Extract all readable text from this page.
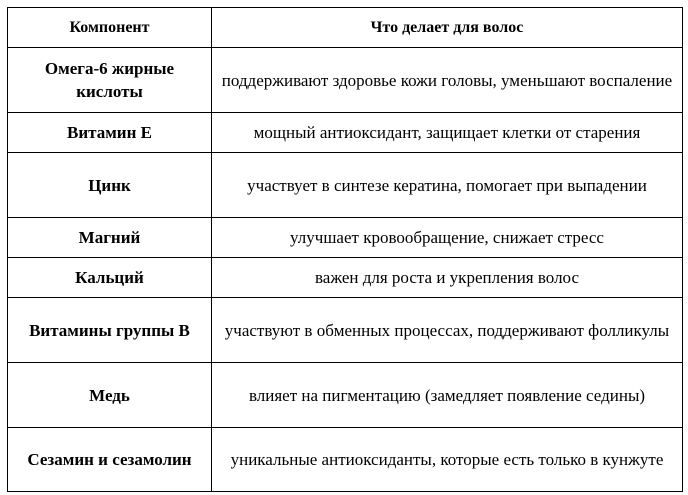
Компонент	Что делает для волос
Омега-6 жирные кислоты	поддерживают здоровье кожи головы, уменьшают воспаление
Витамин Е	мощный антиоксидант, защищает клетки от старения
Цинк	участвует в синтезе кератина, помогает при выпадении
Магний	улучшает кровообращение, снижает стресс
Кальций	важен для роста и укрепления волос
Витамины группы В	участвуют в обменных процессах, поддерживают фолликулы
Медь	влияет на пигментацию (замедляет появление седины)
Сезамин и сезамолин	уникальные антиоксиданты, которые есть только в кунжуте
